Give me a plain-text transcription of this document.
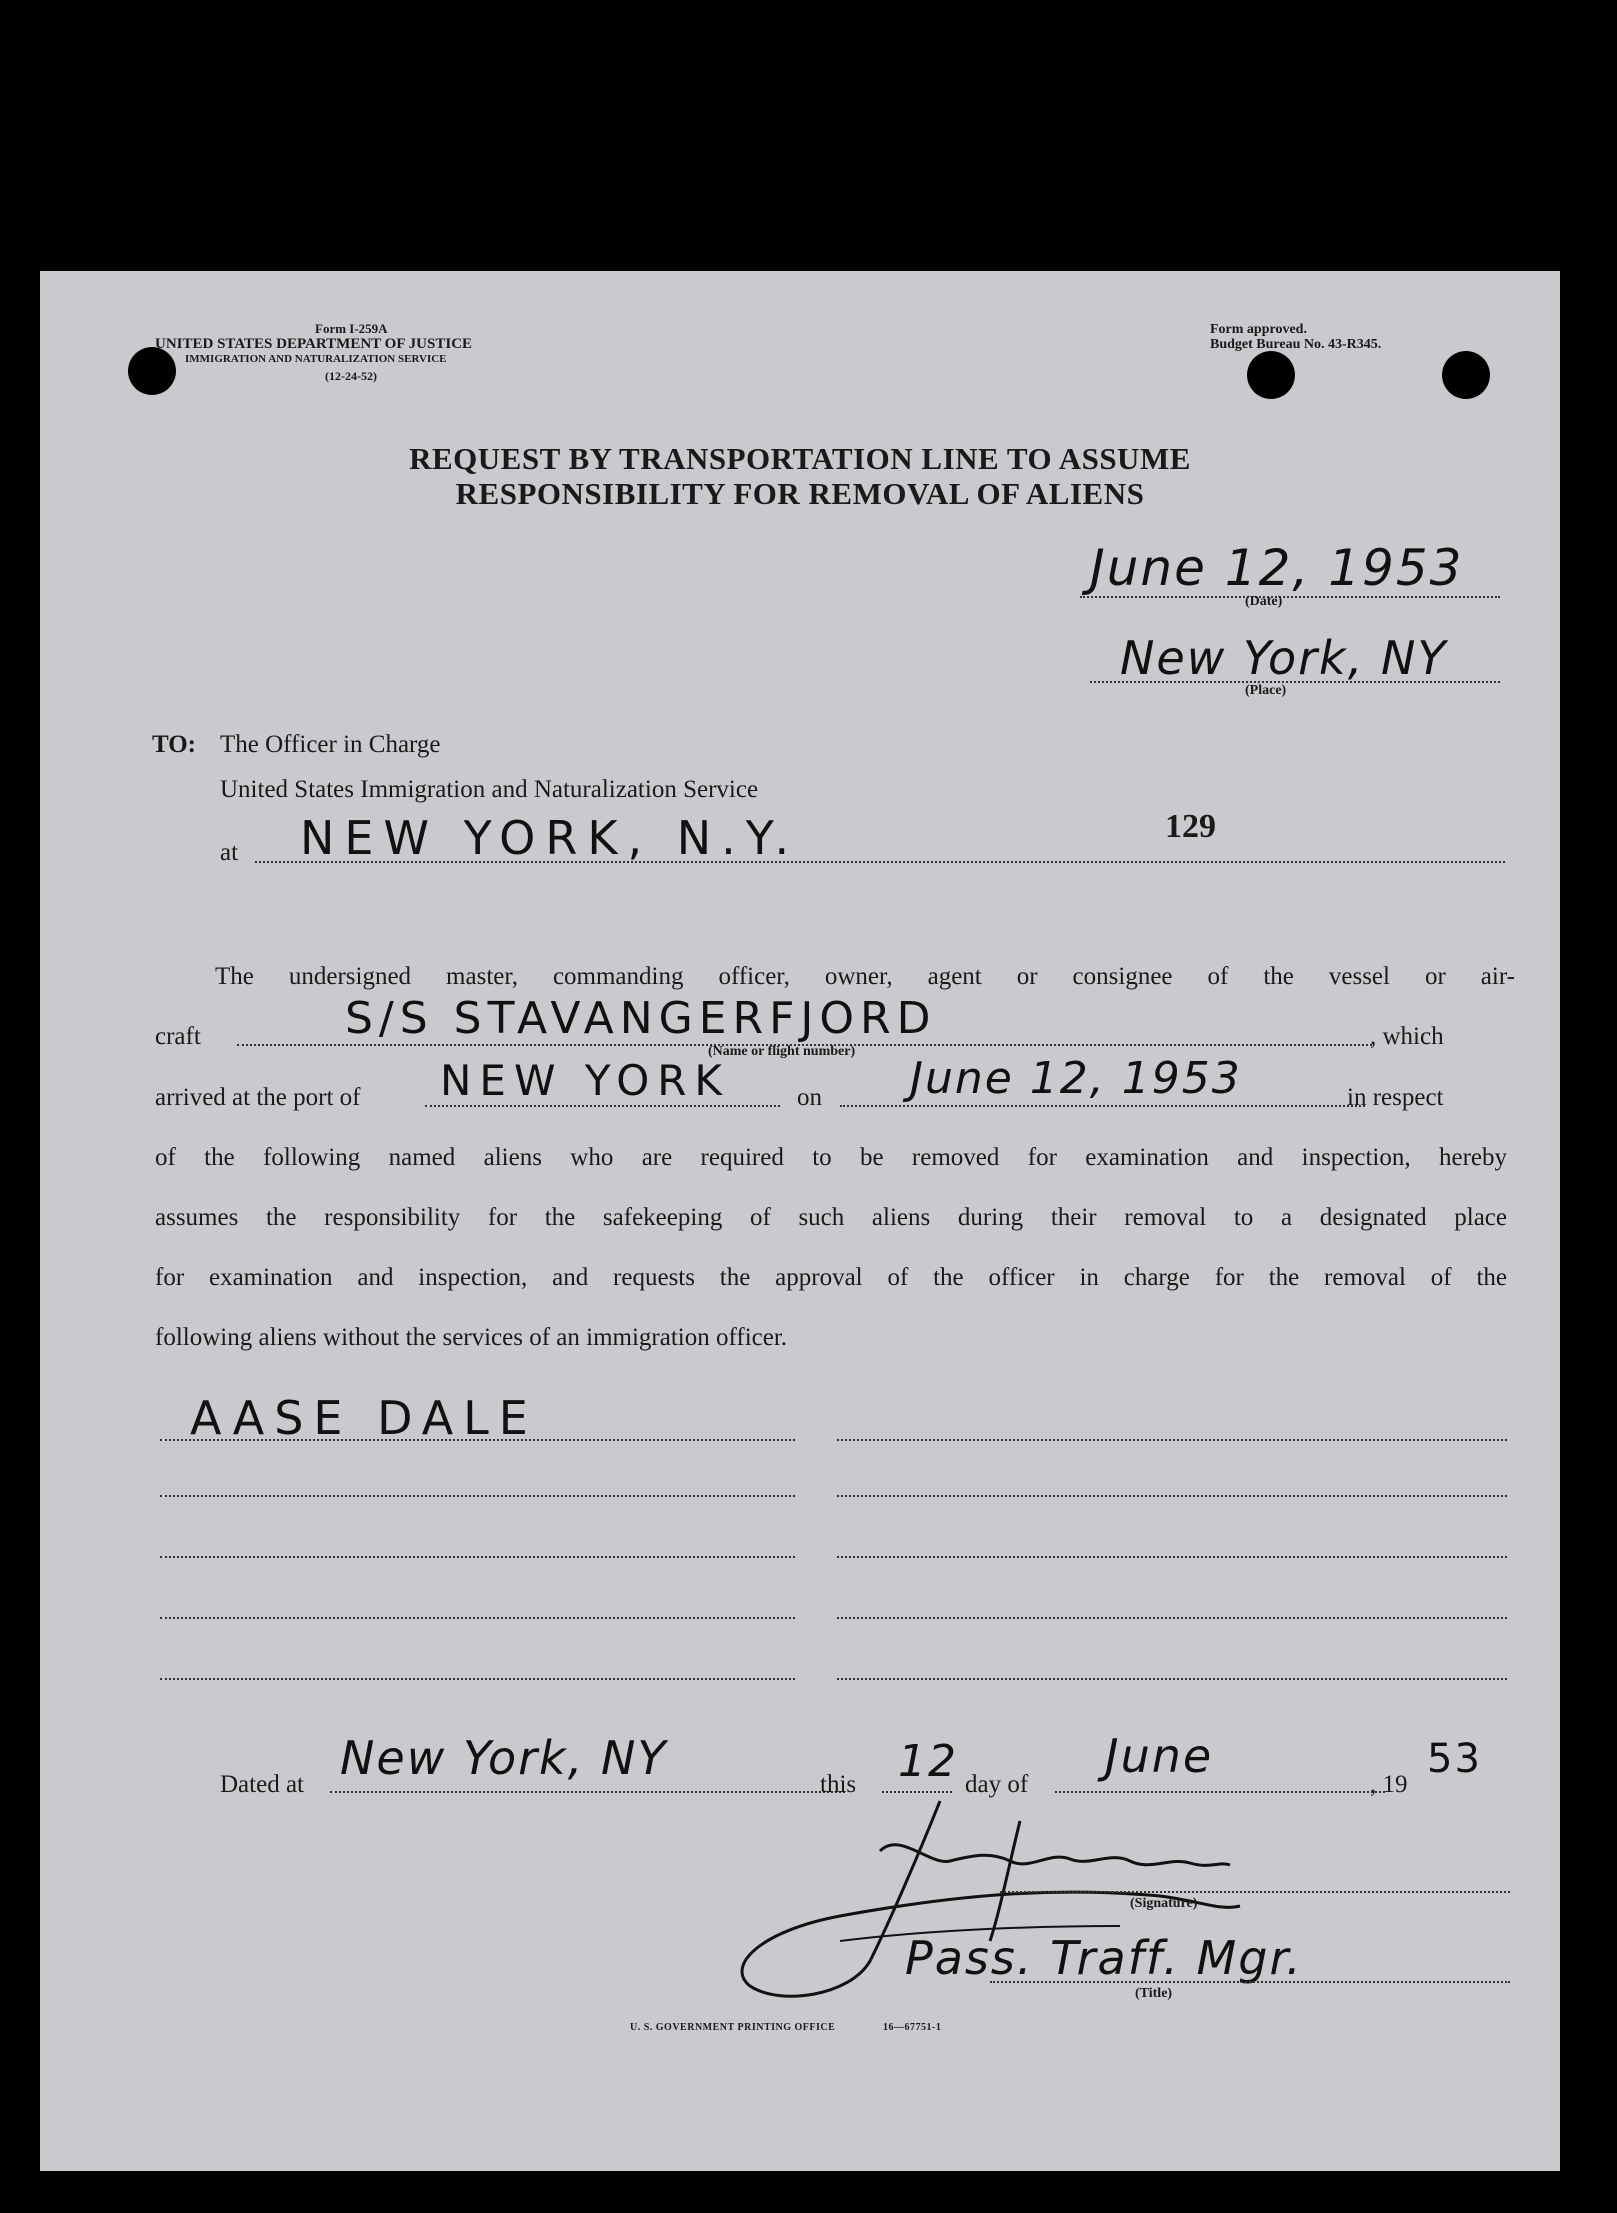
Form I-259A
UNITED STATES DEPARTMENT OF JUSTICE
IMMIGRATION AND NATURALIZATION SERVICE
(12-24-52)
Form approved.
Budget Bureau No. 43-R345.
REQUEST BY TRANSPORTATION LINE TO ASSUME
RESPONSIBILITY FOR REMOVAL OF ALIENS
June 12, 1953
(Date)
New York, NY
(Place)
TO: The Officer in Charge
United States Immigration and Naturalization Service
at NEW YORK, N.Y.	129
The undersigned master, commanding officer, owner, agent or consignee of the vessel or air-
craft	S/S STAVANGERFJORD	, which
(Name or flight number)
arrived at the port of NEW YORK	on June 12, 1953	in respect
of the following named aliens who are required to be removed for examination and inspection, hereby
assumes the responsibility for the safekeeping of such aliens during their removal to a designated place
for examination and inspection, and requests the approval of the officer in charge for the removal of the
following aliens without the services of an immigration officer.
AASE DALE
Dated at New York, NY	this 12 day of
June
, 19
53
(Signature)
Pass. Traff. Mgr.
(Title)
U. S. GOVERNMENT PRINTING OFFICE	16—67751-1
